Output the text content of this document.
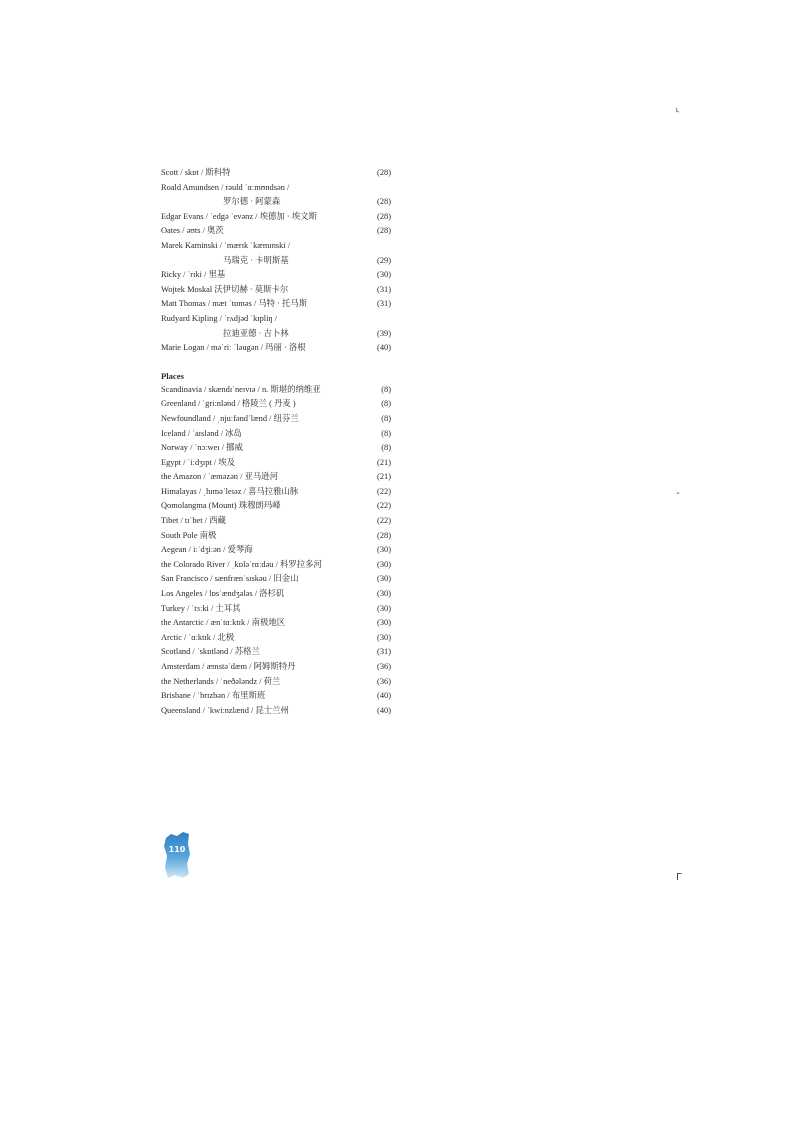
Scott / skɒt / 斯科特	(28)
Roald Amundsen / rəuld ˈɑːmʊndsən /
罗尔德 · 阿蒙森	(28)
Edgar Evans / ˈedgə ˈevənz / 埃德加 · 埃文斯	(28)
Oates / əʊts / 奥茨	(28)
Marek Kaminski / ˈmærɪk ˈkæmɪnski /
马瑞克 · 卡明斯基	(29)
Ricky / ˈrɪki / 里基	(30)
Wojtek Moskal 沃伊切赫 · 莫斯卡尔	(31)
Matt Thomas / mæt ˈtɒməs / 马特 · 托马斯	(31)
Rudyard Kipling / ˈrʌdjəd ˈkɪpliŋ /
拉迪亚德 · 吉卜林	(39)
Marie Logan / məˈriː ˈləugən / 玛丽 · 洛根	(40)
Places
Scandinavia / skændɪˈneɪvɪə / n. 斯堪的纳维亚	(8)
Greenland / ˈgriːnlənd / 格陵兰 ( 丹麦 )	(8)
Newfoundland / ˌnjuːfəndˈlænd / 纽芬兰	(8)
Iceland / ˈaɪslənd / 冰岛	(8)
Norway / ˈnɔːweɪ / 挪威	(8)
Egypt / ˈiːdʒɪpt / 埃及	(21)
the Amazon / ˈæməzən / 亚马逊河	(21)
Himalayas / ˌhɪməˈleɪəz / 喜马拉雅山脉	(22)
Qomolangma (Mount) 珠穆朗玛峰	(22)
Tibet / tɪˈbet / 西藏	(22)
South Pole 南极	(28)
Aegean / iːˈdʒiːən / 爱琴海	(30)
the Colorado River / ˌkɒləˈrɑːdəu / 科罗拉多河	(30)
San Francisco / sænfrænˈsɪskəu / 旧金山	(30)
Los Angeles / lɒsˈændʒələs / 洛杉矶	(30)
Turkey / ˈtɜːki / 土耳其	(30)
the Antarctic / ænˈtɑːktɪk / 南极地区	(30)
Arctic / ˈɑːktɪk / 北极	(30)
Scotland / ˈskɒtlənd / 苏格兰	(31)
Amsterdam / æmstəˈdæm / 阿姆斯特丹	(36)
the Netherlands / ˈneðələndz / 荷兰	(36)
Brisbane / ˈbrɪzbən / 布里斯班	(40)
Queensland / ˈkwiːnzlænd / 昆士兰州	(40)
110
˪
-
Γ
